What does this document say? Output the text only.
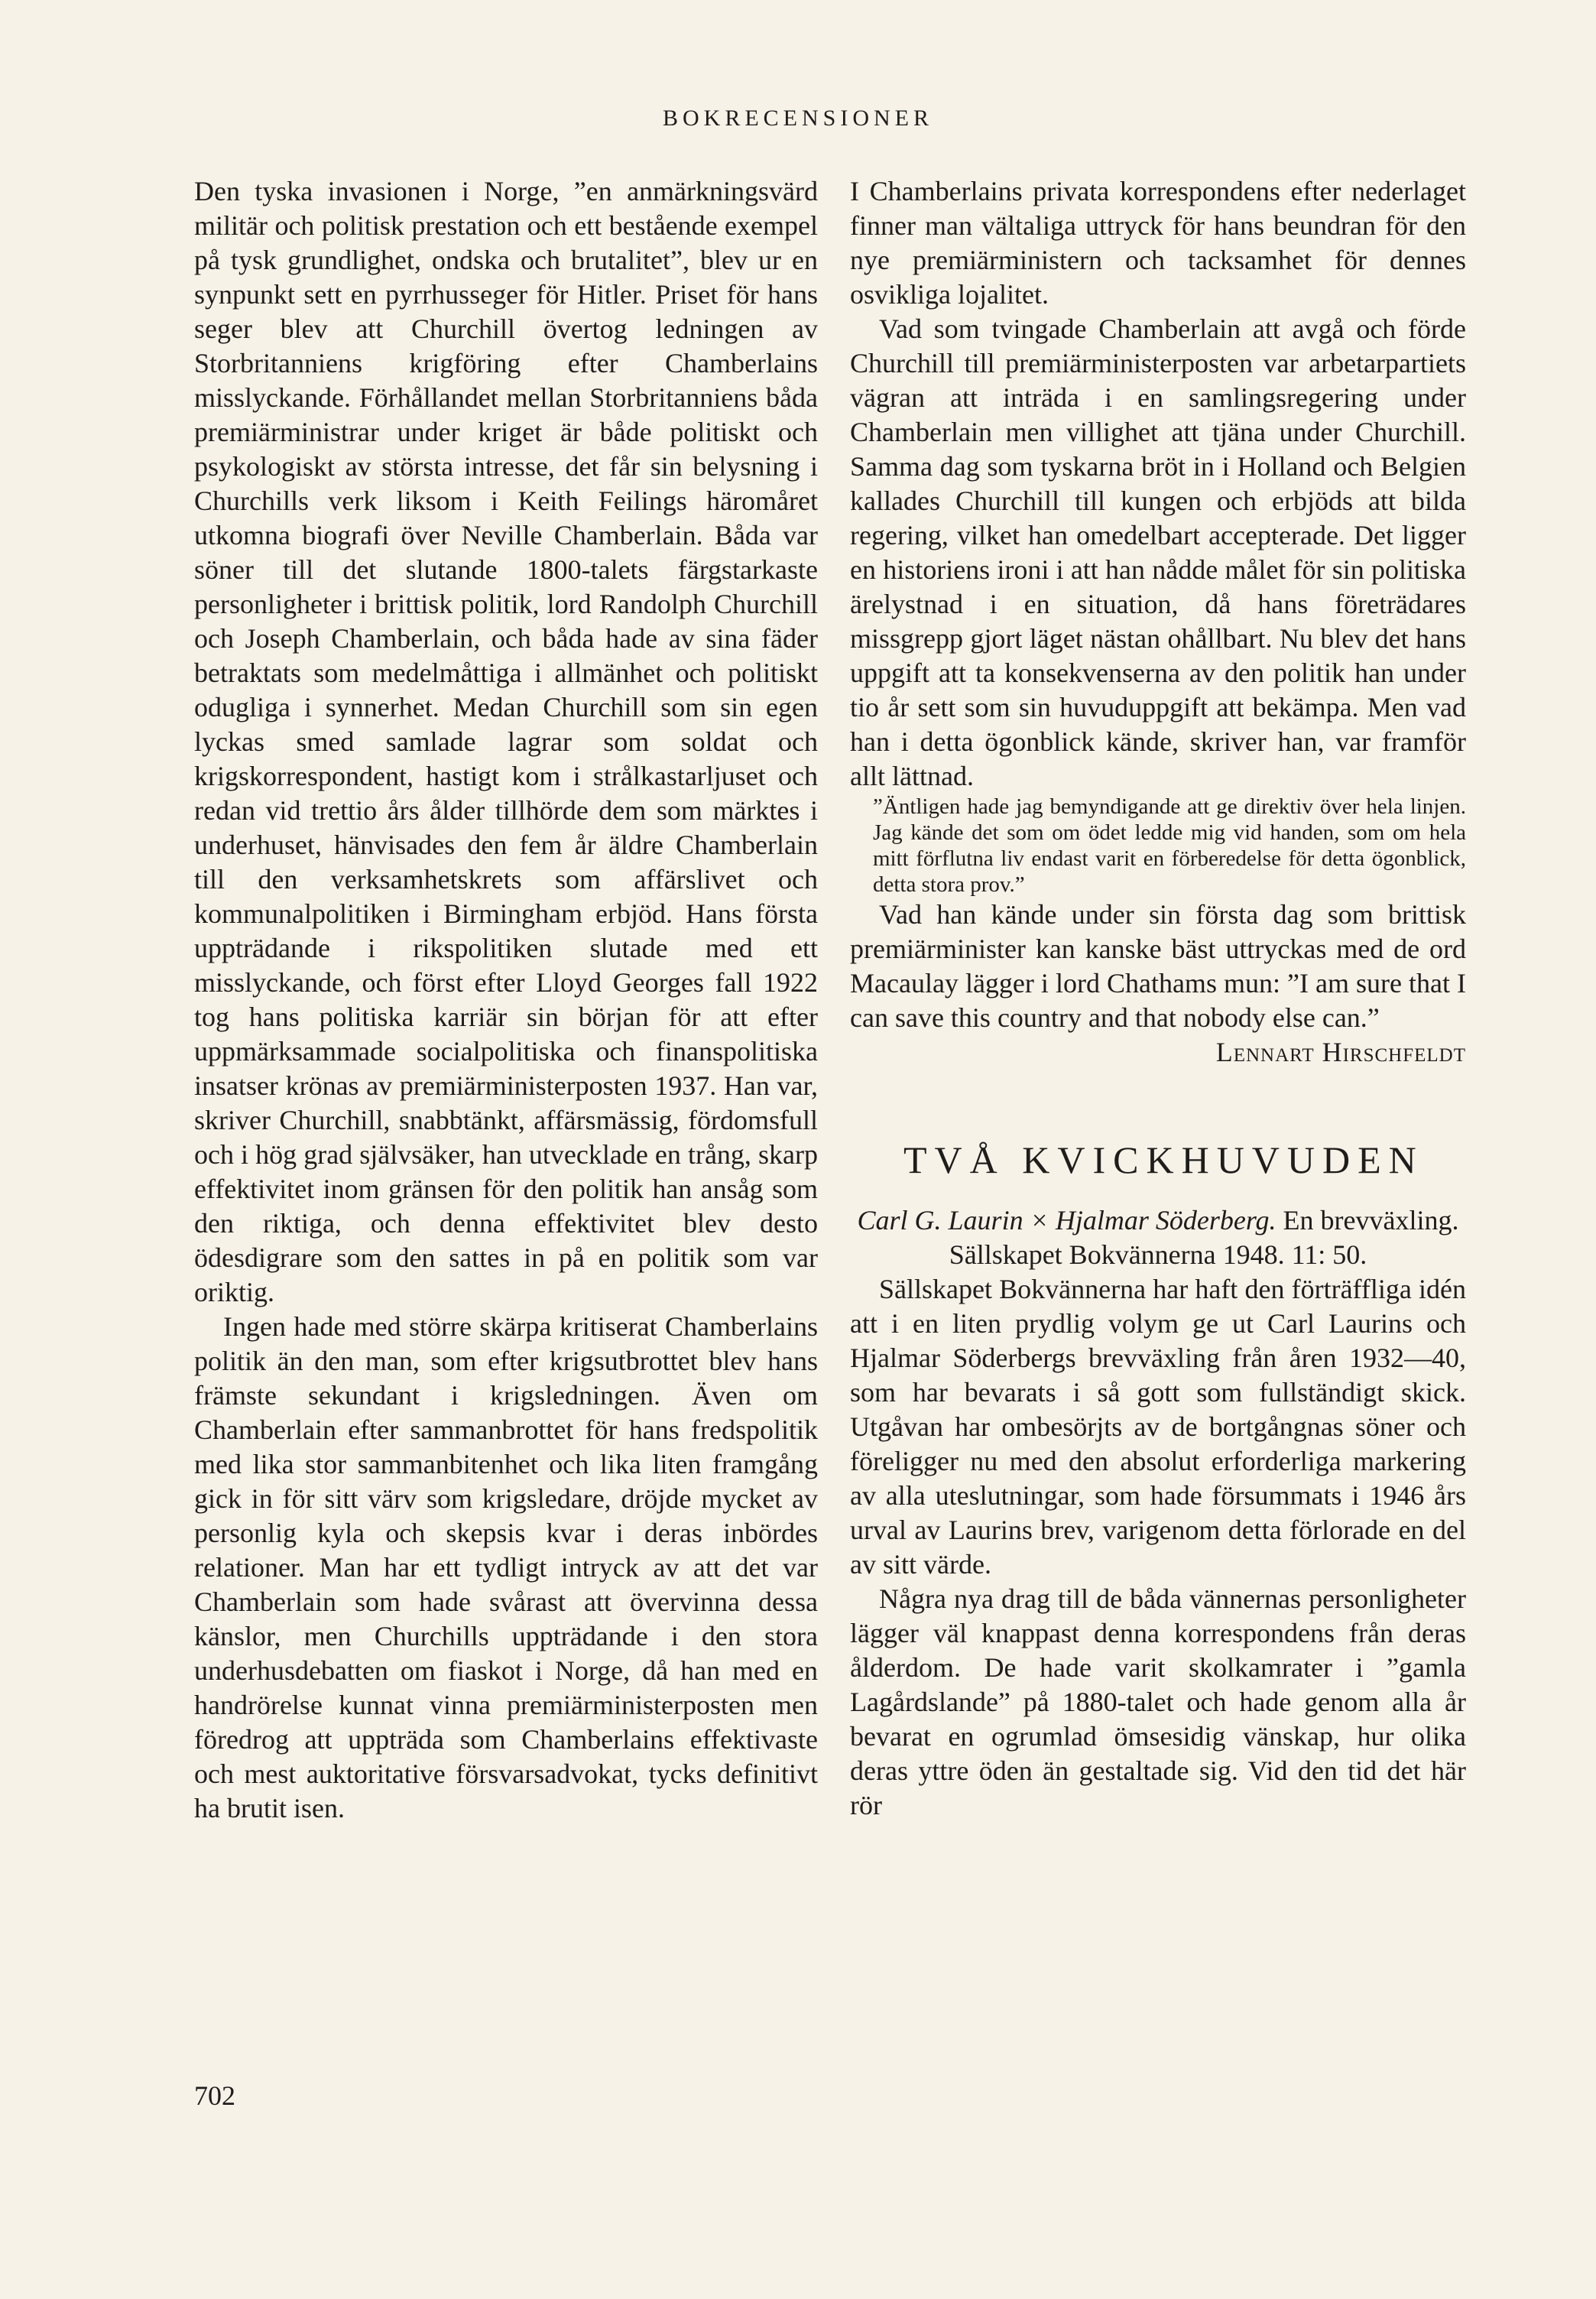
BOKRECENSIONER

Den tyska invasionen i Norge, ”en anmärkningsvärd militär och politisk prestation och ett bestående exempel på tysk grundlighet, ondska och brutalitet”, blev ur en synpunkt sett en pyrrhusseger för Hitler. Priset för hans seger blev att Churchill övertog ledningen av Storbritanniens krigföring efter Chamberlains misslyckande. Förhållandet mellan Storbritanniens båda premiärministrar under kriget är både politiskt och psykologiskt av största intresse, det får sin belysning i Churchills verk liksom i Keith Feilings häromåret utkomna biografi över Neville Chamberlain. Båda var söner till det slutande 1800-talets färgstarkaste personligheter i brittisk politik, lord Randolph Churchill och Joseph Chamberlain, och båda hade av sina fäder betraktats som medelmåttiga i allmänhet och politiskt odugliga i synnerhet. Medan Churchill som sin egen lyckas smed samlade lagrar som soldat och krigskorrespondent, hastigt kom i strålkastarljuset och redan vid trettio års ålder tillhörde dem som märktes i underhuset, hänvisades den fem år äldre Chamberlain till den verksamhetskrets som affärslivet och kommunalpolitiken i Birmingham erbjöd. Hans första uppträdande i rikspolitiken slutade med ett misslyckande, och först efter Lloyd Georges fall 1922 tog hans politiska karriär sin början för att efter uppmärksammade socialpolitiska och finanspolitiska insatser krönas av premiärministerposten 1937. Han var, skriver Churchill, snabbtänkt, affärsmässig, fördomsfull och i hög grad självsäker, han utvecklade en trång, skarp effektivitet inom gränsen för den politik han ansåg som den riktiga, och denna effektivitet blev desto ödesdigrare som den sattes in på en politik som var oriktig.

Ingen hade med större skärpa kritiserat Chamberlains politik än den man, som efter krigsutbrottet blev hans främste sekundant i krigsledningen. Även om Chamberlain efter sammanbrottet för hans fredspolitik med lika stor sammanbitenhet och lika liten framgång gick in för sitt värv som krigsledare, dröjde mycket av personlig kyla och skepsis kvar i deras inbördes relationer. Man har ett tydligt intryck av att det var Chamberlain som hade svårast att övervinna dessa känslor, men Churchills uppträdande i den stora underhusdebatten om fiaskot i Norge, då han med en handrörelse kunnat vinna premiärministerposten men föredrog att uppträda som Chamberlains effektivaste och mest auktoritative försvarsadvokat, tycks definitivt ha brutit isen.

I Chamberlains privata korrespondens efter nederlaget finner man vältaliga uttryck för hans beundran för den nye premiärministern och tacksamhet för dennes osvikliga lojalitet.

Vad som tvingade Chamberlain att avgå och förde Churchill till premiärministerposten var arbetarpartiets vägran att inträda i en samlingsregering under Chamberlain men villighet att tjäna under Churchill. Samma dag som tyskarna bröt in i Holland och Belgien kallades Churchill till kungen och erbjöds att bilda regering, vilket han omedelbart accepterade. Det ligger en historiens ironi i att han nådde målet för sin politiska ärelystnad i en situation, då hans företrädares missgrepp gjort läget nästan ohållbart. Nu blev det hans uppgift att ta konsekvenserna av den politik han under tio år sett som sin huvuduppgift att bekämpa. Men vad han i detta ögonblick kände, skriver han, var framför allt lättnad.

”Äntligen hade jag bemyndigande att ge direktiv över hela linjen. Jag kände det som om ödet ledde mig vid handen, som om hela mitt förflutna liv endast varit en förberedelse för detta ögonblick, detta stora prov.”

Vad han kände under sin första dag som brittisk premiärminister kan kanske bäst uttryckas med de ord Macaulay lägger i lord Chathams mun: ”I am sure that I can save this country and that nobody else can.”

Lennart Hirschfeldt

TVÅ KVICKHUVUDEN

Carl G. Laurin × Hjalmar Söderberg. En brevväxling. Sällskapet Bokvännerna 1948. 11: 50.

Sällskapet Bokvännerna har haft den förträffliga idén att i en liten prydlig volym ge ut Carl Laurins och Hjalmar Söderbergs brevväxling från åren 1932—40, som har bevarats i så gott som fullständigt skick. Utgåvan har ombesörjts av de bortgångnas söner och föreligger nu med den absolut erforderliga markering av alla uteslutningar, som hade försummats i 1946 års urval av Laurins brev, varigenom detta förlorade en del av sitt värde.

Några nya drag till de båda vännernas personligheter lägger väl knappast denna korrespondens från deras ålderdom. De hade varit skolkamrater i ”gamla Lagårdslande” på 1880-talet och hade genom alla år bevarat en ogrumlad ömsesidig vänskap, hur olika deras yttre öden än gestaltade sig. Vid den tid det här rör

702
